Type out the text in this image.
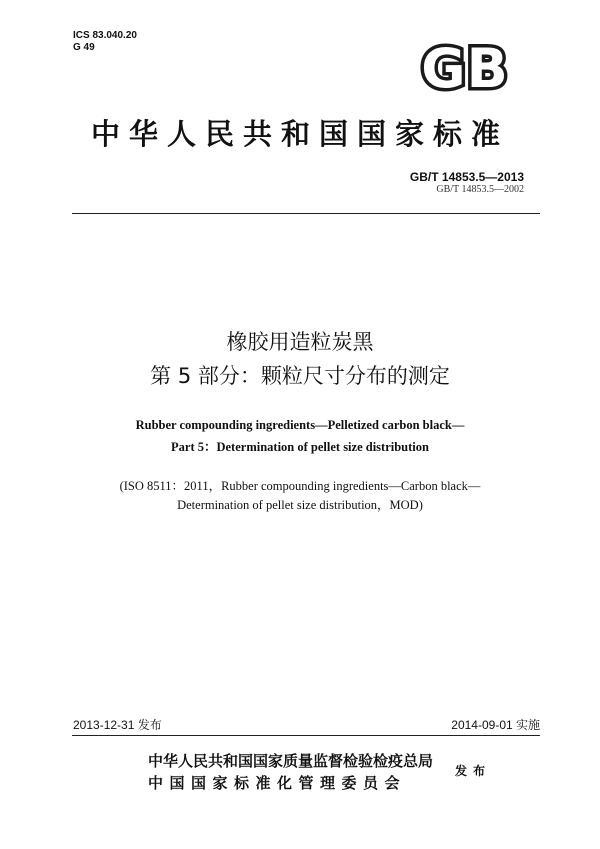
ICS 83.040.20
G 49	GB
中华人民共和国国家标准
GB/T 14853.5—2013
GB/T 14853.5—2002
橡胶用造粒炭黑
第 5 部分：颗粒尺寸分布的测定
Rubber compounding ingredients—Pelletized carbon black—
Part 5：Determination of pellet size distribution
(ISO 8511：2011，Rubber compounding ingredients—Carbon black—
Determination of pellet size distribution，MOD)
2013-12-31 发布	2014-09-01 实施
中华人民共和国国家质量监督检验检疫总局
中国国家标准化管理委员会
发布
